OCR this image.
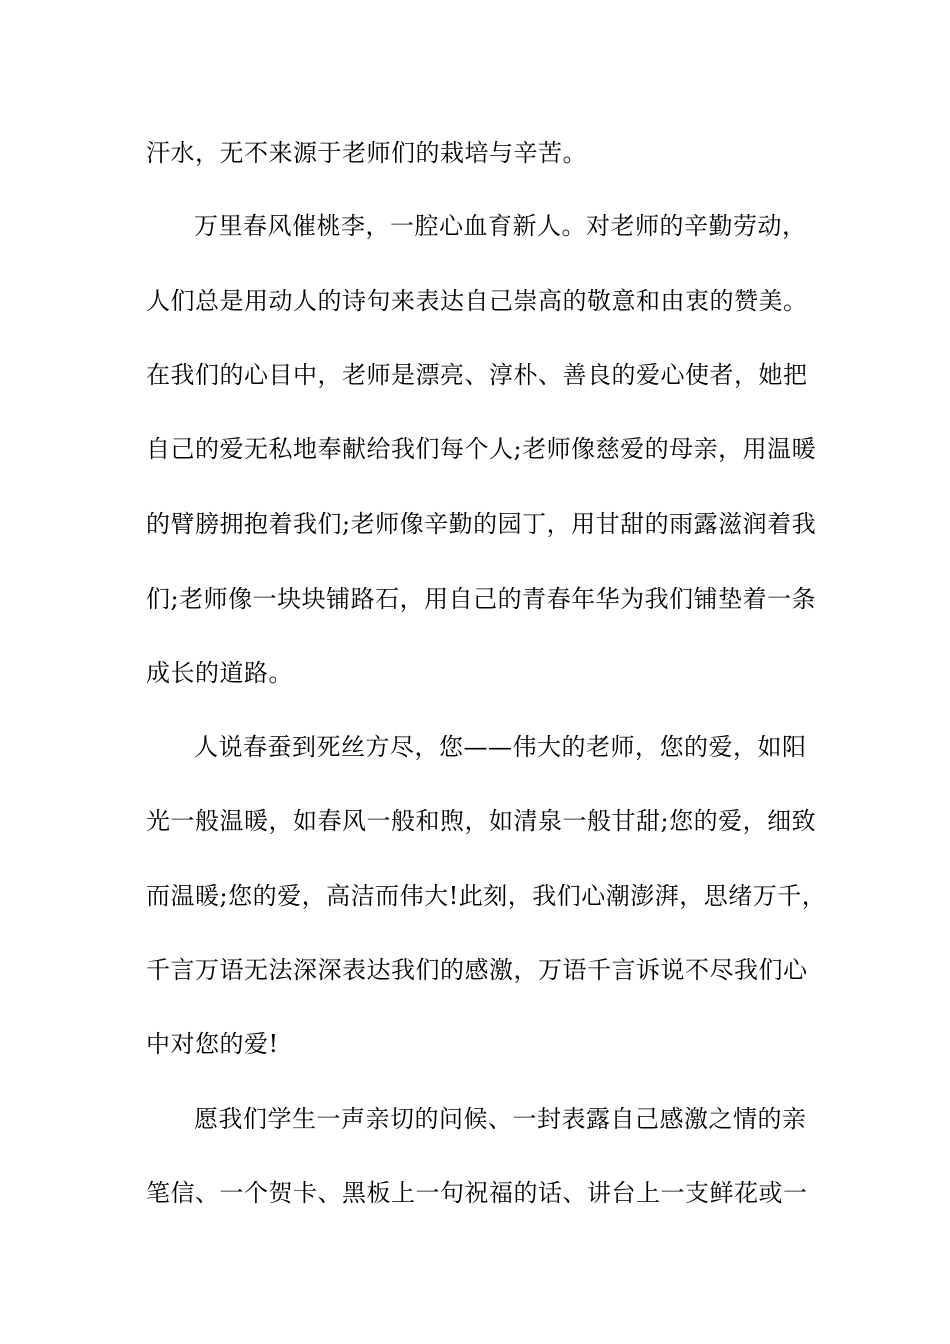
汗水，无不来源于老师们的栽培与辛苦。
万里春风催桃李，一腔心血育新人。对老师的辛勤劳动，
人们总是用动人的诗句来表达自己崇高的敬意和由衷的赞美。
在我们的心目中，老师是漂亮、淳朴、善良的爱心使者，她把
自己的爱无私地奉献给我们每个人;老师像慈爱的母亲，用温暖
的臂膀拥抱着我们;老师像辛勤的园丁，用甘甜的雨露滋润着我
们;老师像一块块铺路石，用自己的青春年华为我们铺垫着一条
成长的道路。
人说春蚕到死丝方尽，您——伟大的老师，您的爱，如阳
光一般温暖，如春风一般和煦，如清泉一般甘甜;您的爱，细致
而温暖;您的爱，高洁而伟大!此刻，我们心潮澎湃，思绪万千，
千言万语无法深深表达我们的感激，万语千言诉说不尽我们心
中对您的爱!
愿我们学生一声亲切的问候、一封表露自己感激之情的亲
笔信、一个贺卡、黑板上一句祝福的话、讲台上一支鲜花或一
